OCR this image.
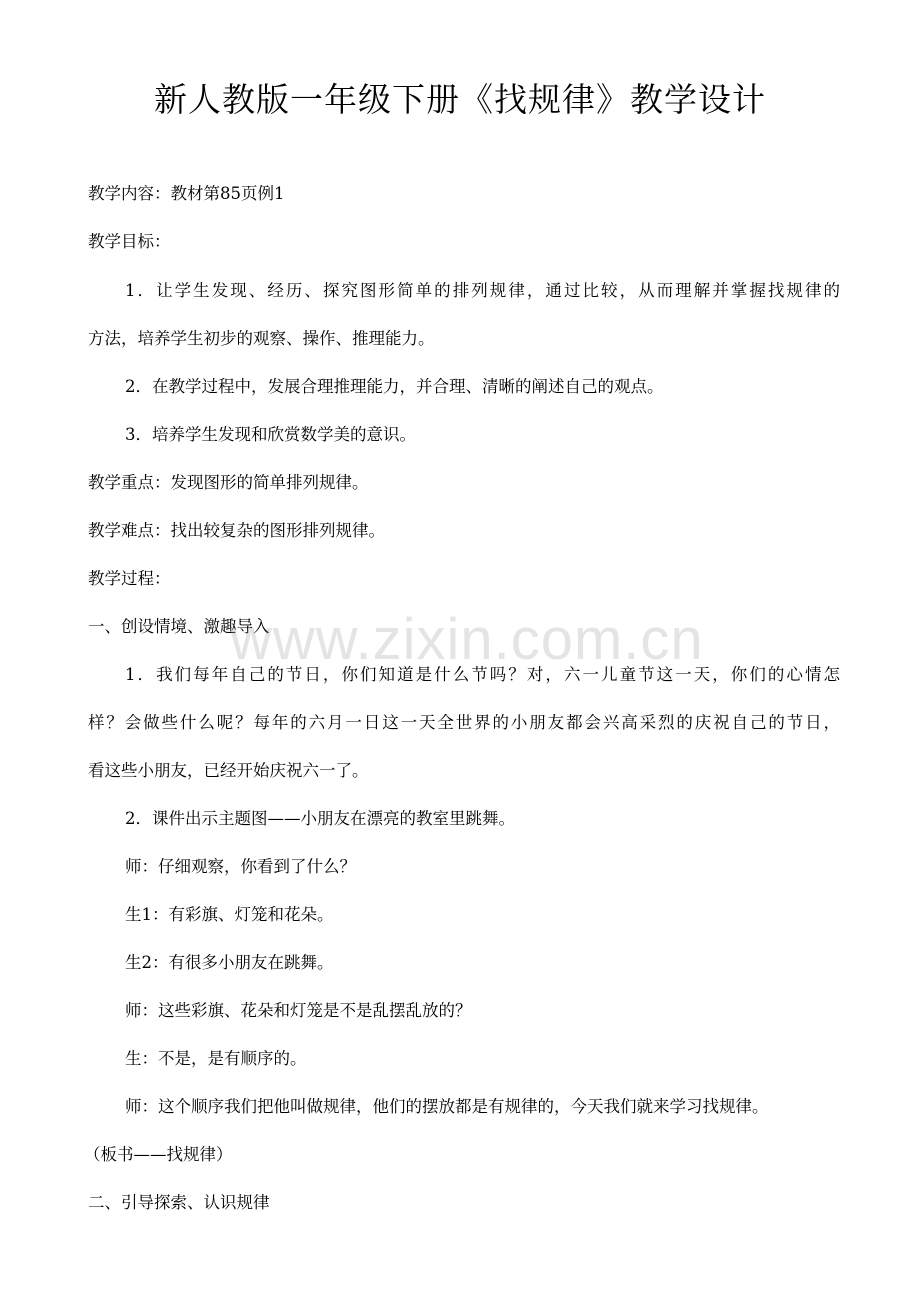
新人教版一年级下册《找规律》教学设计
教学内容：教材第85页例1
教学目标：
1．让学生发现、经历、探究图形简单的排列规律，通过比较，从而理解并掌握找规律的
方法，培养学生初步的观察、操作、推理能力。
2．在教学过程中，发展合理推理能力，并合理、清晰的阐述自己的观点。
3．培养学生发现和欣赏数学美的意识。
教学重点：发现图形的简单排列规律。
教学难点：找出较复杂的图形排列规律。
教学过程：
一、创设情境、激趣导入
1．我们每年自己的节日，你们知道是什么节吗？对，六一儿童节这一天，你们的心情怎
样？会做些什么呢？每年的六月一日这一天全世界的小朋友都会兴高采烈的庆祝自己的节日，
看这些小朋友，已经开始庆祝六一了。
2．课件出示主题图——小朋友在漂亮的教室里跳舞。
师：仔细观察，你看到了什么？
生1：有彩旗、灯笼和花朵。
生2：有很多小朋友在跳舞。
师：这些彩旗、花朵和灯笼是不是乱摆乱放的？
生：不是，是有顺序的。
师：这个顺序我们把他叫做规律，他们的摆放都是有规律的，今天我们就来学习找规律。
（板书——找规律）
二、引导探索、认识规律
www.zixin.com.cn
